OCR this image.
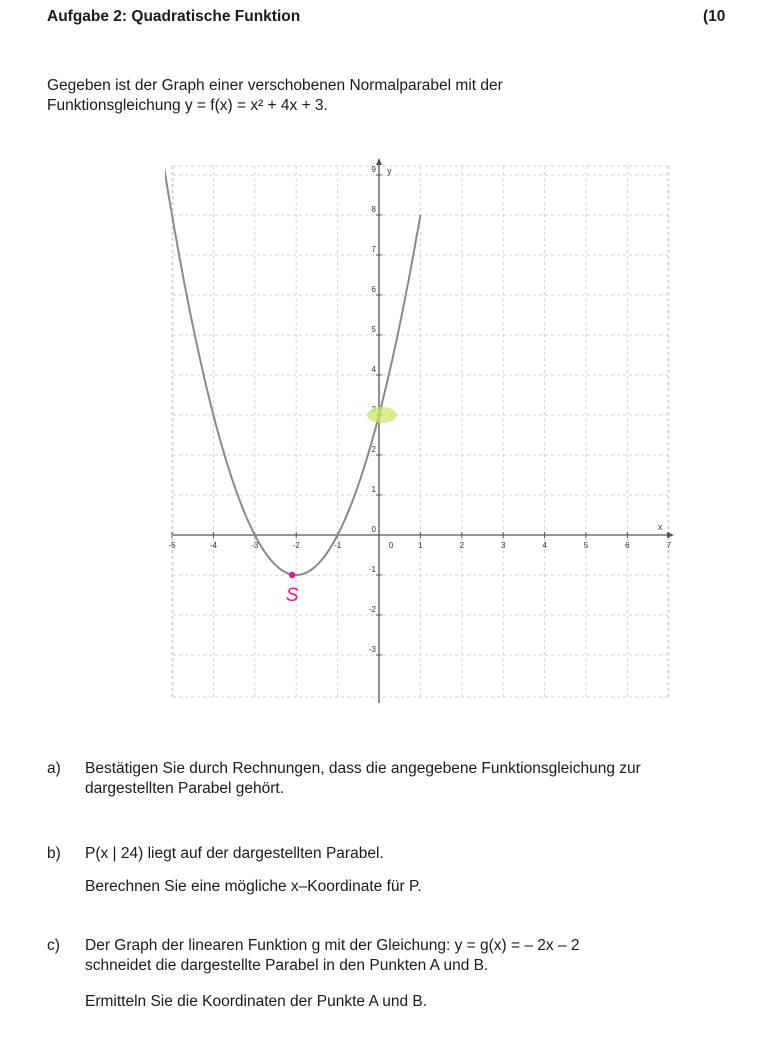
Aufgabe 2: Quadratische Funktion	(10
Gegeben ist der Graph einer verschobenen Normalparabel mit der
Funktionsgleichung y = f(x) = x² + 4x + 3.
x
y
-5	-4	-3	-2	-1	1	2	3	4	5	6	7
0
-3
-2
-1
0
1
2
4
5
6
7
8
9
S
a) Bestätigen Sie durch Rechnungen, dass die angegebene Funktionsgleichung zur
dargestellten Parabel gehört.
b) P(x | 24) liegt auf der dargestellten Parabel.
Berechnen Sie eine mögliche x–Koordinate für P.
c) Der Graph der linearen Funktion g mit der Gleichung: y = g(x) = – 2x – 2
schneidet die dargestellte Parabel in den Punkten A und B.
Ermitteln Sie die Koordinaten der Punkte A und B.
